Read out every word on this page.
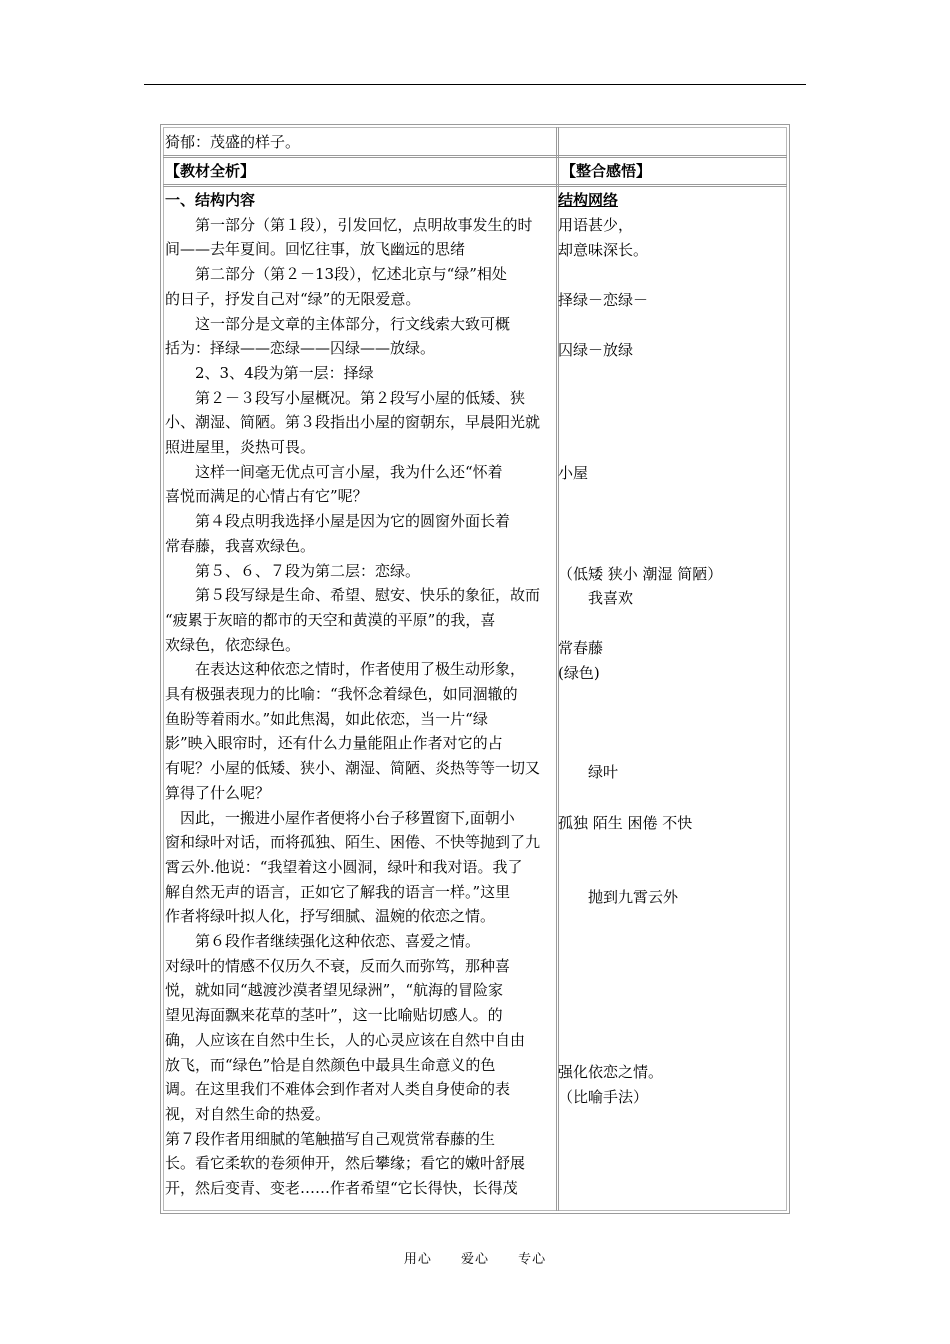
猗郁：茂盛的样子。
【教材全析】	【整合感悟】
一、结构内容
　　第一部分（第１段），引发回忆，点明故事发生的时
间——去年夏间。回忆往事，放飞幽远的思绪
　　第二部分（第２－13段），忆述北京与“绿”相处
的日子，抒发自己对“绿”的无限爱意。
　　这一部分是文章的主体部分，行文线索大致可概
括为：择绿——恋绿——囚绿——放绿。
　　2、3、4段为第一层：择绿
　　第２－３段写小屋概况。第２段写小屋的低矮、狭
小、潮湿、简陋。第３段指出小屋的窗朝东，早晨阳光就
照进屋里，炎热可畏。
　　这样一间毫无优点可言小屋，我为什么还“怀着
喜悦而满足的心情占有它”呢？
　　第４段点明我选择小屋是因为它的圆窗外面长着
常春藤，我喜欢绿色。
　　第５、６、７段为第二层：恋绿。
　　第５段写绿是生命、希望、慰安、快乐的象征，故而
“疲累于灰暗的都市的天空和黄漠的平原”的我，喜
欢绿色，依恋绿色。
　　在表达这种依恋之情时，作者使用了极生动形象，
具有极强表现力的比喻：“我怀念着绿色，如同涸辙的
鱼盼等着雨水。”如此焦渴，如此依恋，当一片“绿
影”映入眼帘时，还有什么力量能阻止作者对它的占
有呢？小屋的低矮、狭小、潮湿、简陋、炎热等等一切又
算得了什么呢？
　因此，一搬进小屋作者便将小台子移置窗下,面朝小
窗和绿叶对话，而将孤独、陌生、困倦、不快等抛到了九
霄云外.他说：“我望着这小圆洞，绿叶和我对语。我了
解自然无声的语言，正如它了解我的语言一样。”这里
作者将绿叶拟人化，抒写细腻、温婉的依恋之情。
　　第６段作者继续强化这种依恋、喜爱之情。
对绿叶的情感不仅历久不衰，反而久而弥笃，那种喜
悦，就如同“越渡沙漠者望见绿洲”，“航海的冒险家
望见海面飘来花草的茎叶”，这一比喻贴切感人。的
确，人应该在自然中生长，人的心灵应该在自然中自由
放飞，而“绿色”恰是自然颜色中最具生命意义的色
调。在这里我们不难体会到作者对人类自身使命的表
视，对自然生命的热爱。
第７段作者用细腻的笔触描写自己观赏常春藤的生
长。看它柔软的卷须伸开，然后攀缘；看它的嫩叶舒展
开，然后变青、变老……作者希望“它长得快，长得茂
结构网络
用语甚少，
却意味深长。
择绿－恋绿－
囚绿－放绿
小屋
（低矮 狭小 潮湿 简陋）
　　我喜欢
常春藤
(绿色)
　　绿叶
孤独 陌生 困倦 不快
　　抛到九霄云外
强化依恋之情。
（比喻手法）
用心 爱心 专心
